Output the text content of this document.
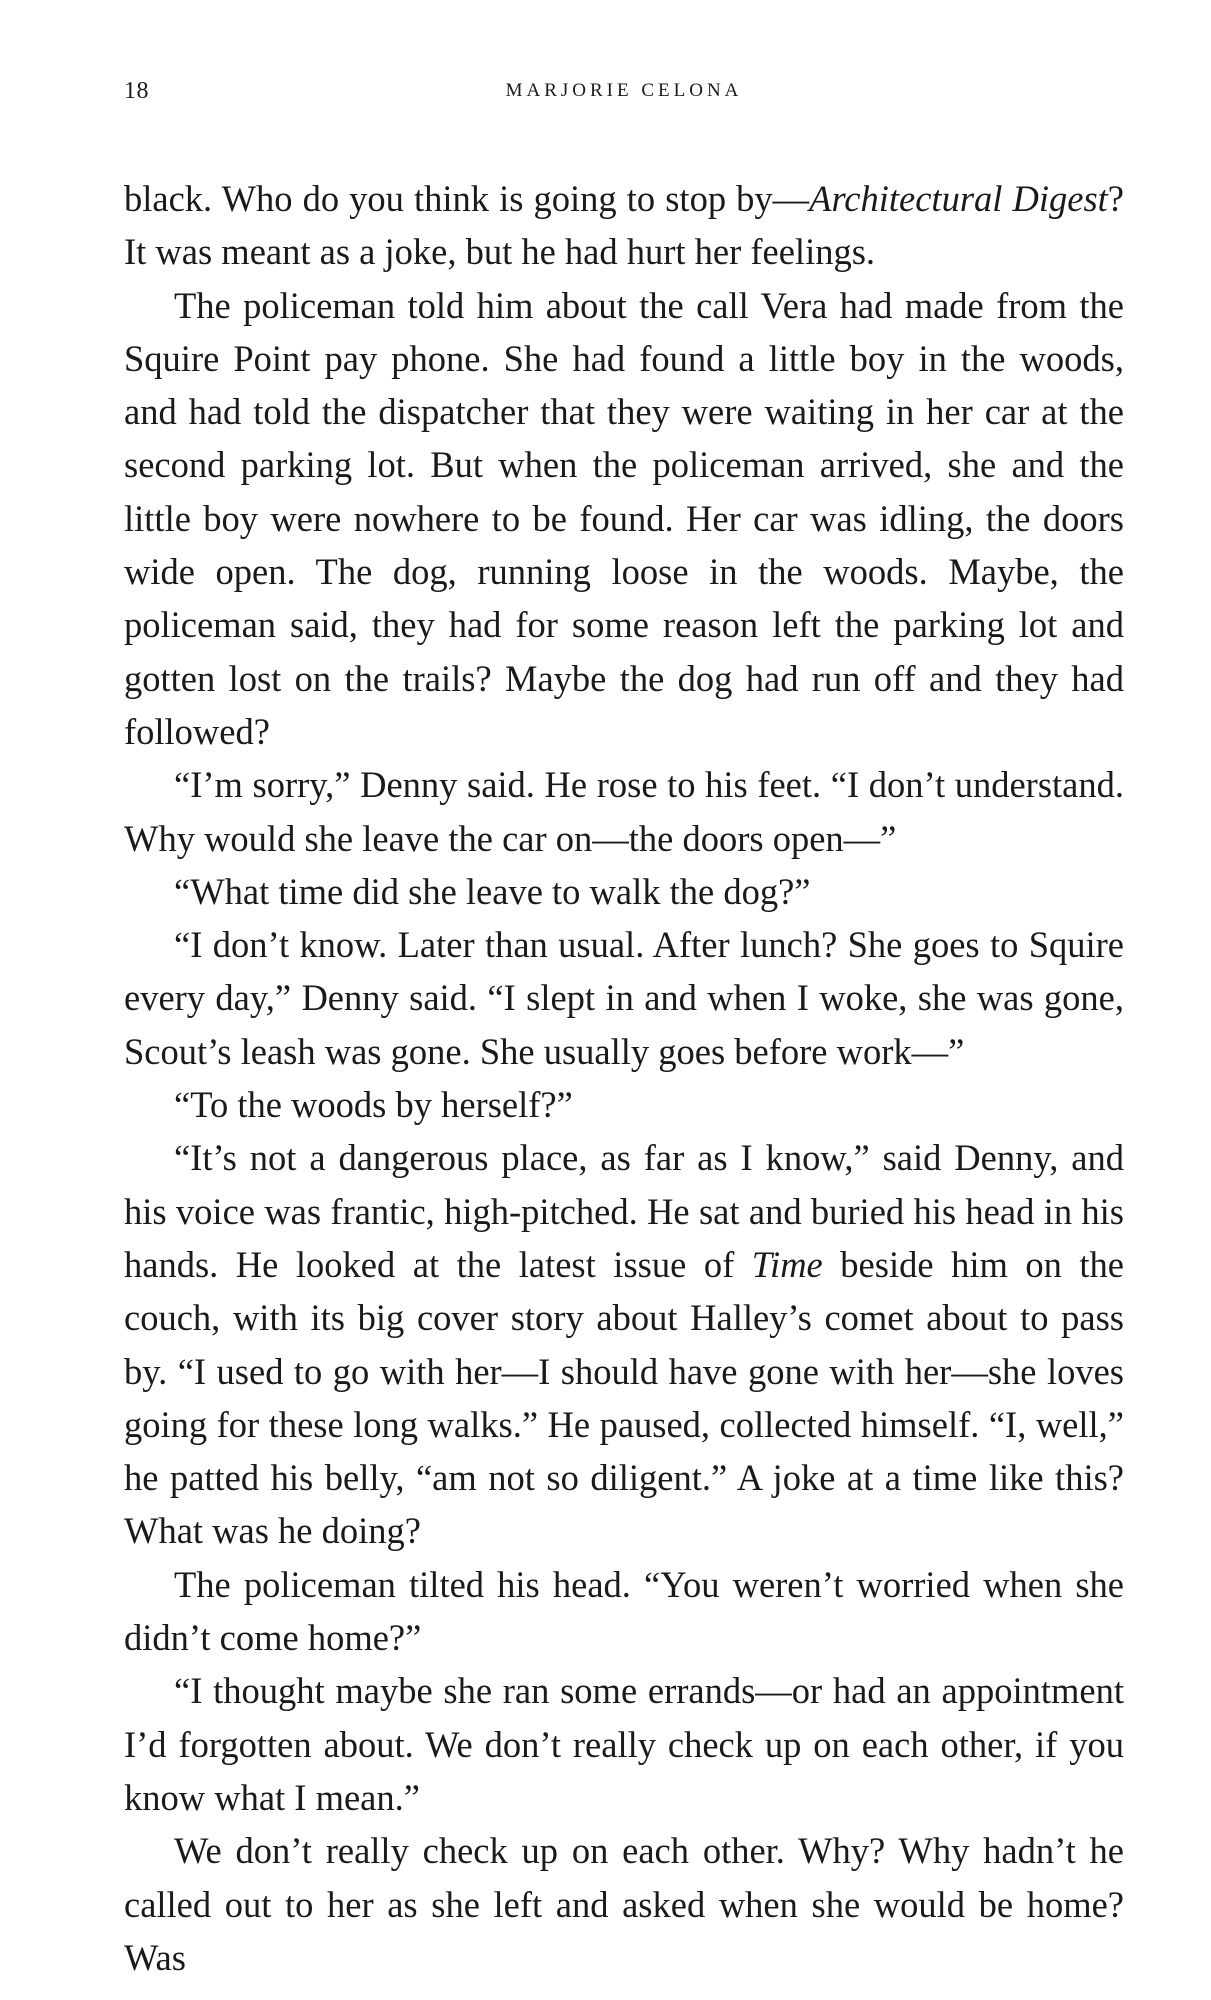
18	MARJORIE CELONA

black. Who do you think is going to stop by—Architectural Digest? It was meant as a joke, but he had hurt her feelings.

The policeman told him about the call Vera had made from the Squire Point pay phone. She had found a little boy in the woods, and had told the dispatcher that they were waiting in her car at the second parking lot. But when the policeman arrived, she and the little boy were nowhere to be found. Her car was idling, the doors wide open. The dog, running loose in the woods. Maybe, the policeman said, they had for some reason left the parking lot and gotten lost on the trails? Maybe the dog had run off and they had followed?

“I’m sorry,” Denny said. He rose to his feet. “I don’t understand. Why would she leave the car on—the doors open—”

“What time did she leave to walk the dog?”

“I don’t know. Later than usual. After lunch? She goes to Squire every day,” Denny said. “I slept in and when I woke, she was gone, Scout’s leash was gone. She usually goes before work—”

“To the woods by herself?”

“It’s not a dangerous place, as far as I know,” said Denny, and his voice was frantic, high-pitched. He sat and buried his head in his hands. He looked at the latest issue of Time beside him on the couch, with its big cover story about Halley’s comet about to pass by. “I used to go with her—I should have gone with her—she loves going for these long walks.” He paused, collected himself. “I, well,” he patted his belly, “am not so diligent.” A joke at a time like this? What was he doing?

The policeman tilted his head. “You weren’t worried when she didn’t come home?”

“I thought maybe she ran some errands—or had an appointment I’d forgotten about. We don’t really check up on each other, if you know what I mean.”

We don’t really check up on each other. Why? Why hadn’t he called out to her as she left and asked when she would be home? Was
